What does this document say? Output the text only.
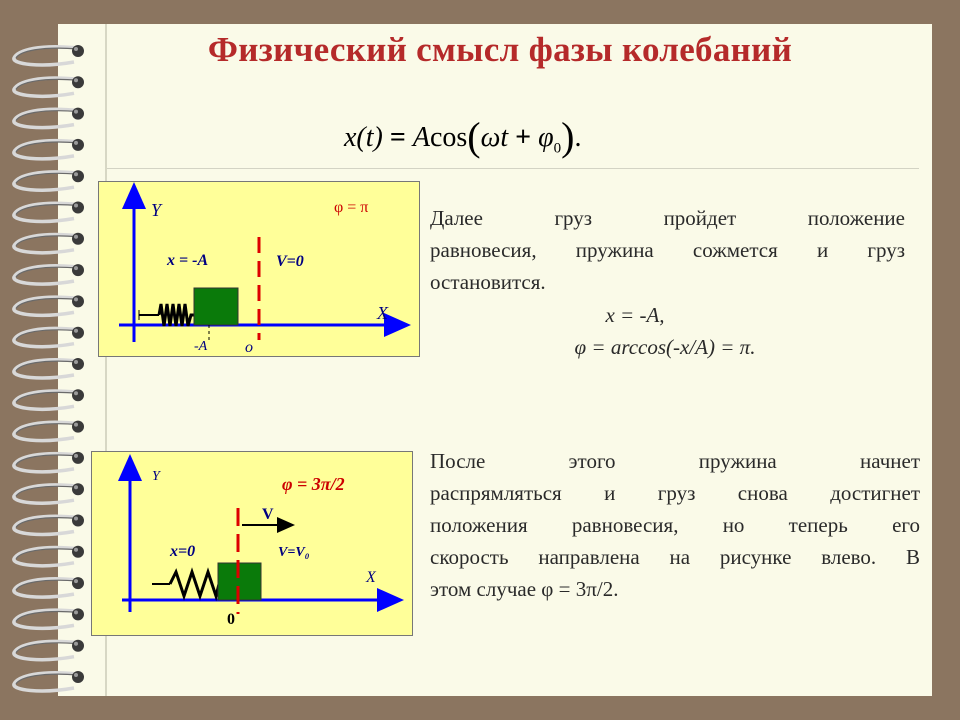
Физический смысл фазы колебаний
$x(t) = Acos(\omega t + \varphi_0)$.
Y
X
φ = π
x = -A	V=0
-A o
Y
X
φ = 3π/2
x=0
V
V=V₀
0

Далее груз пройдет положение

равновесия, пружина сожмется и груз

остановится.

x = -A,
φ = arccos(-x/A) = π.

После этого пружина начнет

распрямляться и груз снова достигнет

положения равновесия, но теперь его

скорость направлена на рисунке влево. В

этом случае φ = 3π/2.
